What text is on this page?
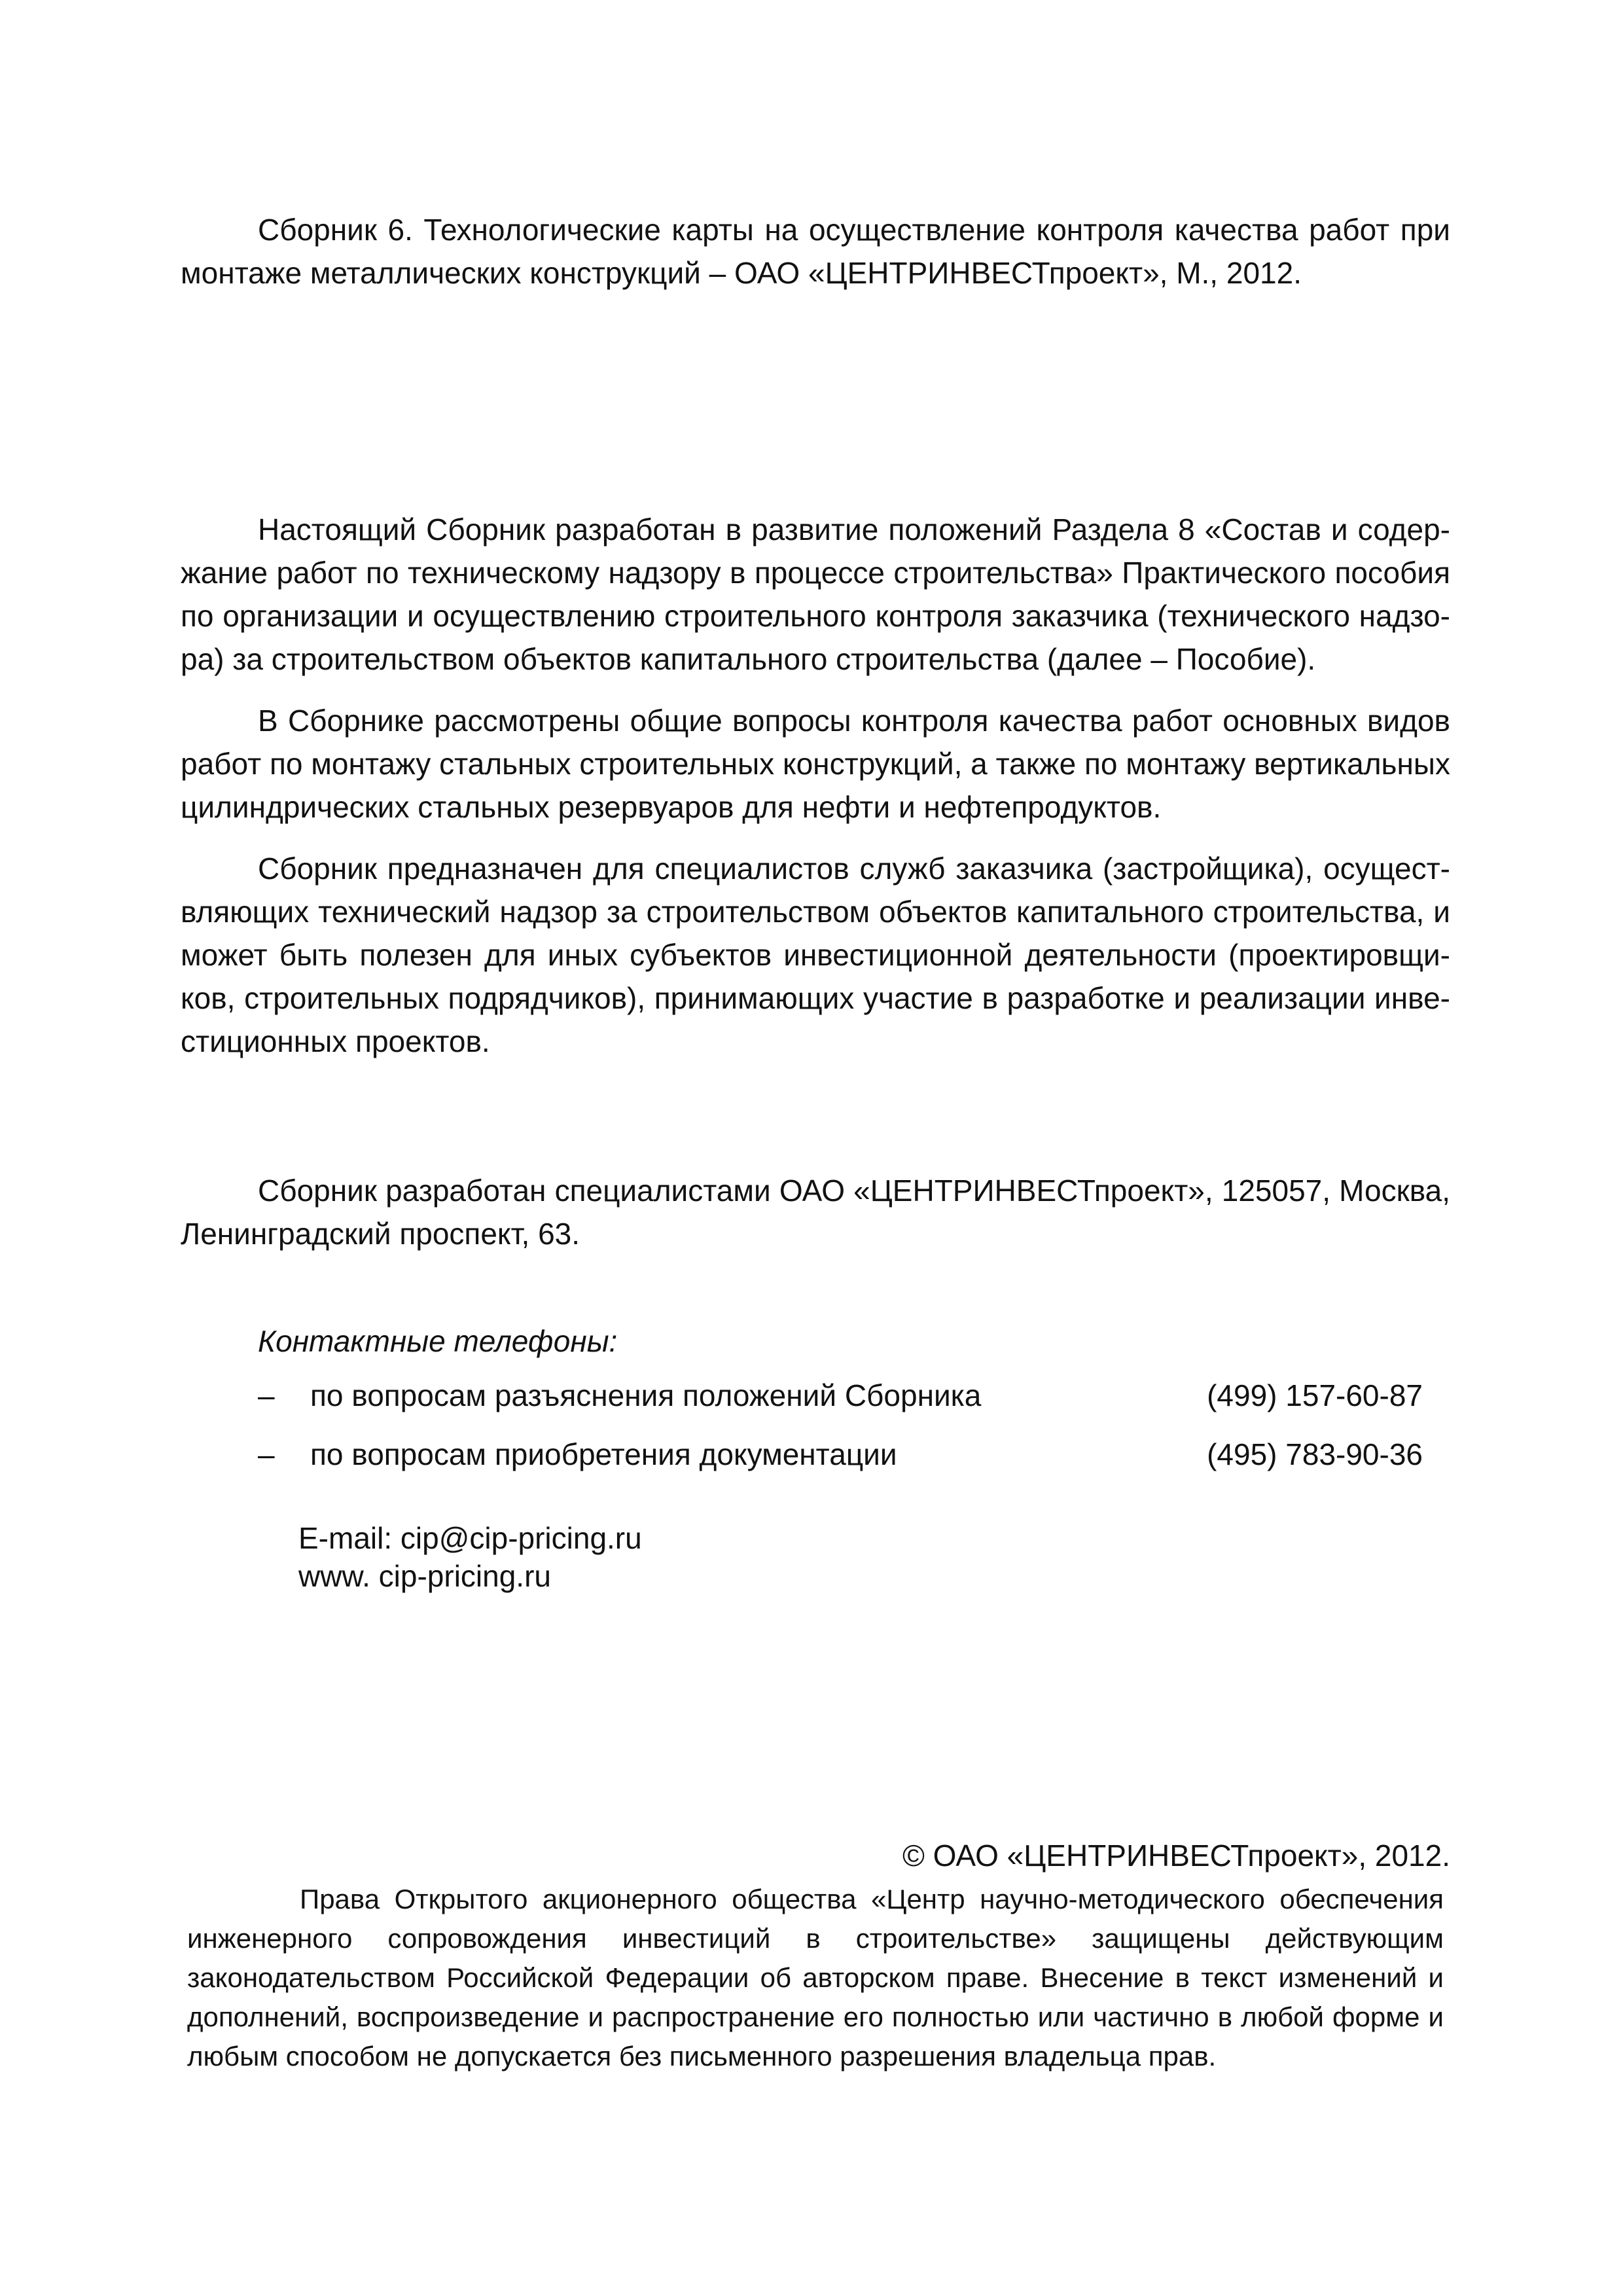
Сборник 6. Технологические карты на осуществление контроля качества работ при монтаже металлических конструкций – ОАО «ЦЕНТРИНВЕСТпроект», М., 2012.

Настоящий Сборник разработан в развитие положений Раздела 8 «Состав и содержание работ по техническому надзору в процессе строительства» Практического пособия по организации и осуществлению строительного контроля заказчика (технического надзора) за строительством объектов капитального строительства (далее – Пособие).

В Сборнике рассмотрены общие вопросы контроля качества работ основных видов работ по монтажу стальных строительных конструкций, а также по монтажу вертикальных цилиндрических стальных резервуаров для нефти и нефтепродуктов.

Сборник предназначен для специалистов служб заказчика (застройщика), осуществляющих технический надзор за строительством объектов капитального строительства, и может быть полезен для иных субъектов инвестиционной деятельности (проектировщиков, строительных подрядчиков), принимающих участие в разработке и реализации инвестиционных проектов.

Сборник разработан специалистами ОАО «ЦЕНТРИНВЕСТпроект», 125057, Москва, Ленинградский проспект, 63.

Контактные телефоны:
– по вопросам разъяснения положений Сборника	(499) 157-60-87
– по вопросам приобретения документации	(495) 783-90-36
E-mail: cip@cip-pricing.ru
www. cip-pricing.ru
© ОАО «ЦЕНТРИНВЕСТпроект», 2012.

Права Открытого акционерного общества «Центр научно-методического обеспечения инженерного сопровождения инвестиций в строительстве» защищены действующим законодательством Российской Федерации об авторском праве. Внесение в текст изменений и дополнений, воспроизведение и распространение его полностью или частично в любой форме и любым способом не допускается без письменного разрешения владельца прав.
